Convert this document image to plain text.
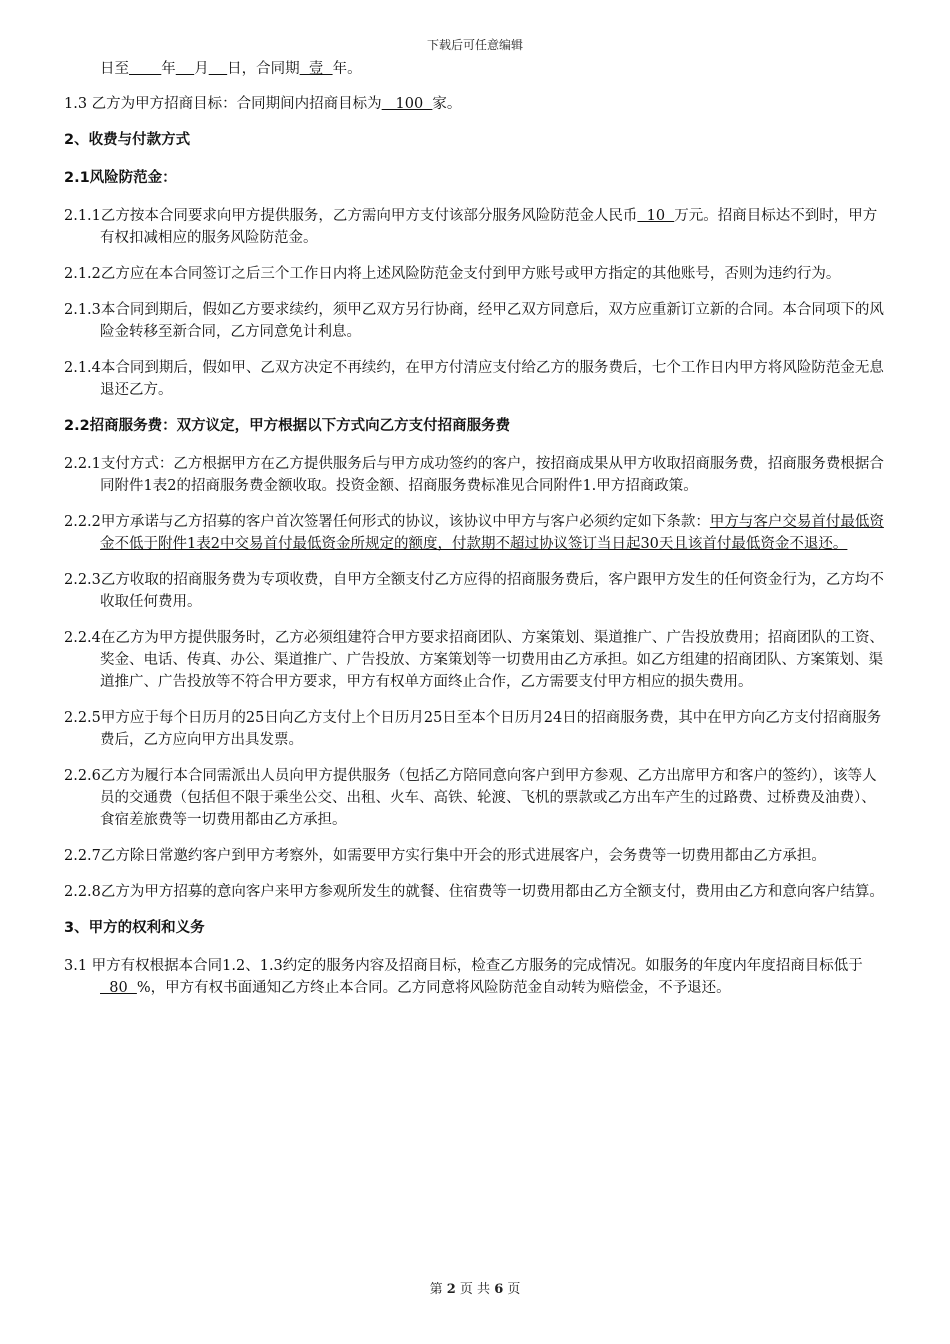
下载后可任意编辑
日至 年 月 日，合同期  壹  年。
1.3 乙方为甲方招商目标：合同期间内招商目标为   100  家。
2、收费与付款方式
2.1风险防范金：
2.1.1乙方按本合同要求向甲方提供服务，乙方需向甲方支付该部分服务风险防范金人民币  10  万元。招商目标达不到时，甲方有权扣减相应的服务风险防范金。
2.1.2乙方应在本合同签订之后三个工作日内将上述风险防范金支付到甲方账号或甲方指定的其他账号，否则为违约行为。
2.1.3本合同到期后，假如乙方要求续约，须甲乙双方另行协商，经甲乙双方同意后，双方应重新订立新的合同。本合同项下的风险金转移至新合同，乙方同意免计利息。
2.1.4本合同到期后，假如甲、乙双方决定不再续约，在甲方付清应支付给乙方的服务费后，七个工作日内甲方将风险防范金无息退还乙方。
2.2招商服务费：双方议定，甲方根据以下方式向乙方支付招商服务费
2.2.1支付方式：乙方根据甲方在乙方提供服务后与甲方成功签约的客户，按招商成果从甲方收取招商服务费，招商服务费根据合同附件1表2的招商服务费金额收取。投资金额、招商服务费标准见合同附件1.甲方招商政策。
2.2.2甲方承诺与乙方招募的客户首次签署任何形式的协议，该协议中甲方与客户必须约定如下条款：甲方与客户交易首付最低资金不低于附件1表2中交易首付最低资金所规定的额度，付款期不超过协议签订当日起30天且该首付最低资金不退还。
2.2.3乙方收取的招商服务费为专项收费，自甲方全额支付乙方应得的招商服务费后，客户跟甲方发生的任何资金行为，乙方均不收取任何费用。
2.2.4在乙方为甲方提供服务时，乙方必须组建符合甲方要求招商团队、方案策划、渠道推广、广告投放费用；招商团队的工资、奖金、电话、传真、办公、渠道推广、广告投放、方案策划等一切费用由乙方承担。如乙方组建的招商团队、方案策划、渠道推广、广告投放等不符合甲方要求，甲方有权单方面终止合作，乙方需要支付甲方相应的损失费用。
2.2.5甲方应于每个日历月的25日向乙方支付上个日历月25日至本个日历月24日的招商服务费，其中在甲方向乙方支付招商服务费后，乙方应向甲方出具发票。
2.2.6乙方为履行本合同需派出人员向甲方提供服务（包括乙方陪同意向客户到甲方参观、乙方出席甲方和客户的签约），该等人员的交通费（包括但不限于乘坐公交、出租、火车、高铁、轮渡、飞机的票款或乙方出车产生的过路费、过桥费及油费）、食宿差旅费等一切费用都由乙方承担。
2.2.7乙方除日常邀约客户到甲方考察外，如需要甲方实行集中开会的形式进展客户，会务费等一切费用都由乙方承担。
2.2.8乙方为甲方招募的意向客户来甲方参观所发生的就餐、住宿费等一切费用都由乙方全额支付，费用由乙方和意向客户结算。
3、甲方的权利和义务
3.1 甲方有权根据本合同1.2、1.3约定的服务内容及招商目标，检查乙方服务的完成情况。如服务的年度内年度招商目标低于  80  %，甲方有权书面通知乙方终止本合同。乙方同意将风险防范金自动转为赔偿金，不予退还。
第 2 页 共 6 页
